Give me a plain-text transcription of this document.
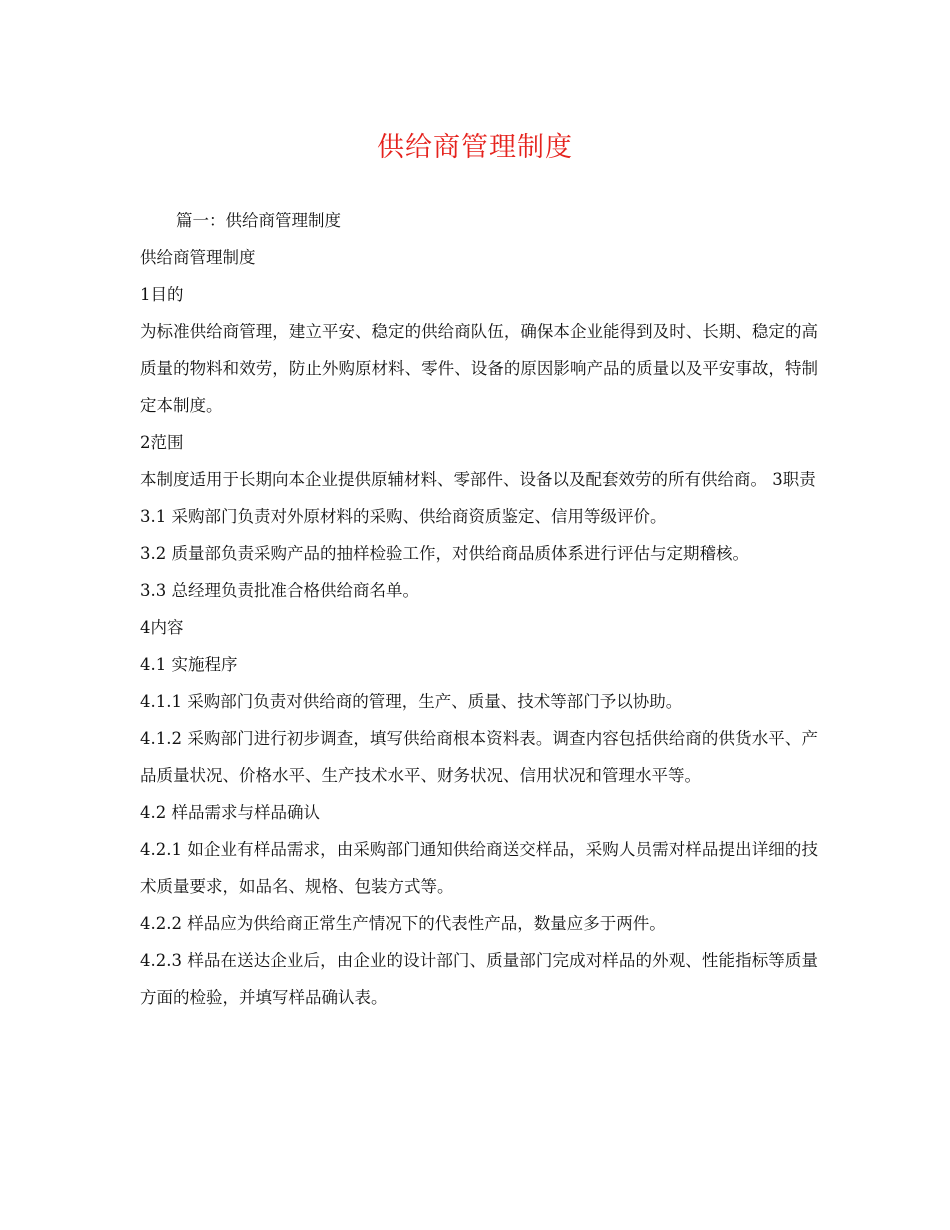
供给商管理制度

篇一：供给商管理制度

供给商管理制度

1目的

为标准供给商管理，建立平安、稳定的供给商队伍，确保本企业能得到及时、长期、稳定的高质量的物料和效劳，防止外购原材料、零件、设备的原因影响产品的质量以及平安事故，特制定本制度。

2范围

本制度适用于长期向本企业提供原辅材料、零部件、设备以及配套效劳的所有供给商。 3职责

3.1 采购部门负责对外原材料的采购、供给商资质鉴定、信用等级评价。

3.2 质量部负责采购产品的抽样检验工作，对供给商品质体系进行评估与定期稽核。

3.3 总经理负责批准合格供给商名单。

4内容

4.1 实施程序

4.1.1 采购部门负责对供给商的管理，生产、质量、技术等部门予以协助。

4.1.2 采购部门进行初步调查，填写供给商根本资料表。调查内容包括供给商的供货水平、产品质量状况、价格水平、生产技术水平、财务状况、信用状况和管理水平等。

4.2 样品需求与样品确认

4.2.1 如企业有样品需求，由采购部门通知供给商送交样品，采购人员需对样品提出详细的技术质量要求，如品名、规格、包装方式等。

4.2.2 样品应为供给商正常生产情况下的代表性产品，数量应多于两件。

4.2.3 样品在送达企业后，由企业的设计部门、质量部门完成对样品的外观、性能指标等质量方面的检验，并填写样品确认表。
